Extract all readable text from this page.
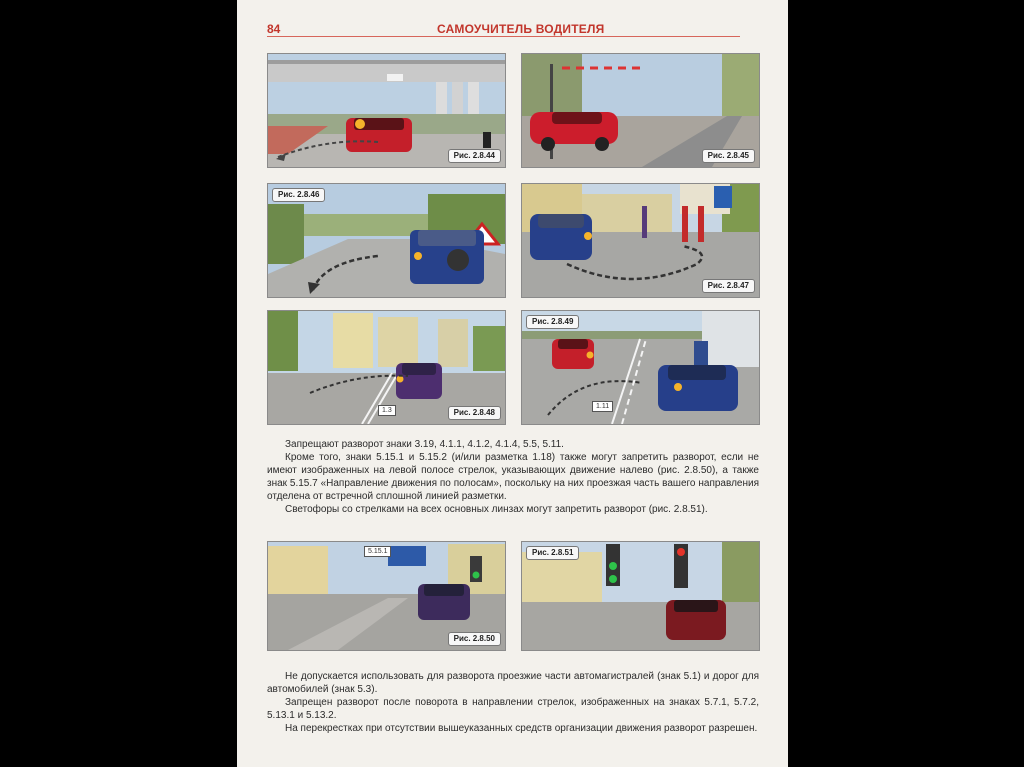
84	САМОУЧИТЕЛЬ ВОДИТЕЛЯ
Рис. 2.8.44	Рис. 2.8.45
Рис. 2.8.46
Рис. 2.8.47
1.3	Рис. 2.8.48
1.11
Рис. 2.8.49

Запрещают разворот знаки 3.19, 4.1.1, 4.1.2, 4.1.4, 5.5, 5.11.

Кроме того, знаки 5.15.1 и 5.15.2 (и/или разметка 1.18) также могут запретить разворот, если не имеют изображенных на левой полосе стрелок, указывающих движение налево (рис. 2.8.50), а также знак 5.15.7 «Направление движения по полосам», поскольку на них проезжая часть вашего направления отделена от встречной сплошной линией разметки.

Светофоры со стрелками на всех основных линзах могут запретить разворот (рис. 2.8.51).

5.15.1
Рис. 2.8.50
Рис. 2.8.51

Не допускается использовать для разворота проезжие части автомагистралей (знак 5.1) и дорог для автомобилей (знак 5.3).

Запрещен разворот после поворота в направлении стрелок, изображенных на знаках 5.7.1, 5.7.2, 5.13.1 и 5.13.2.

На перекрестках при отсутствии вышеуказанных средств организации движения разворот разрешен.
